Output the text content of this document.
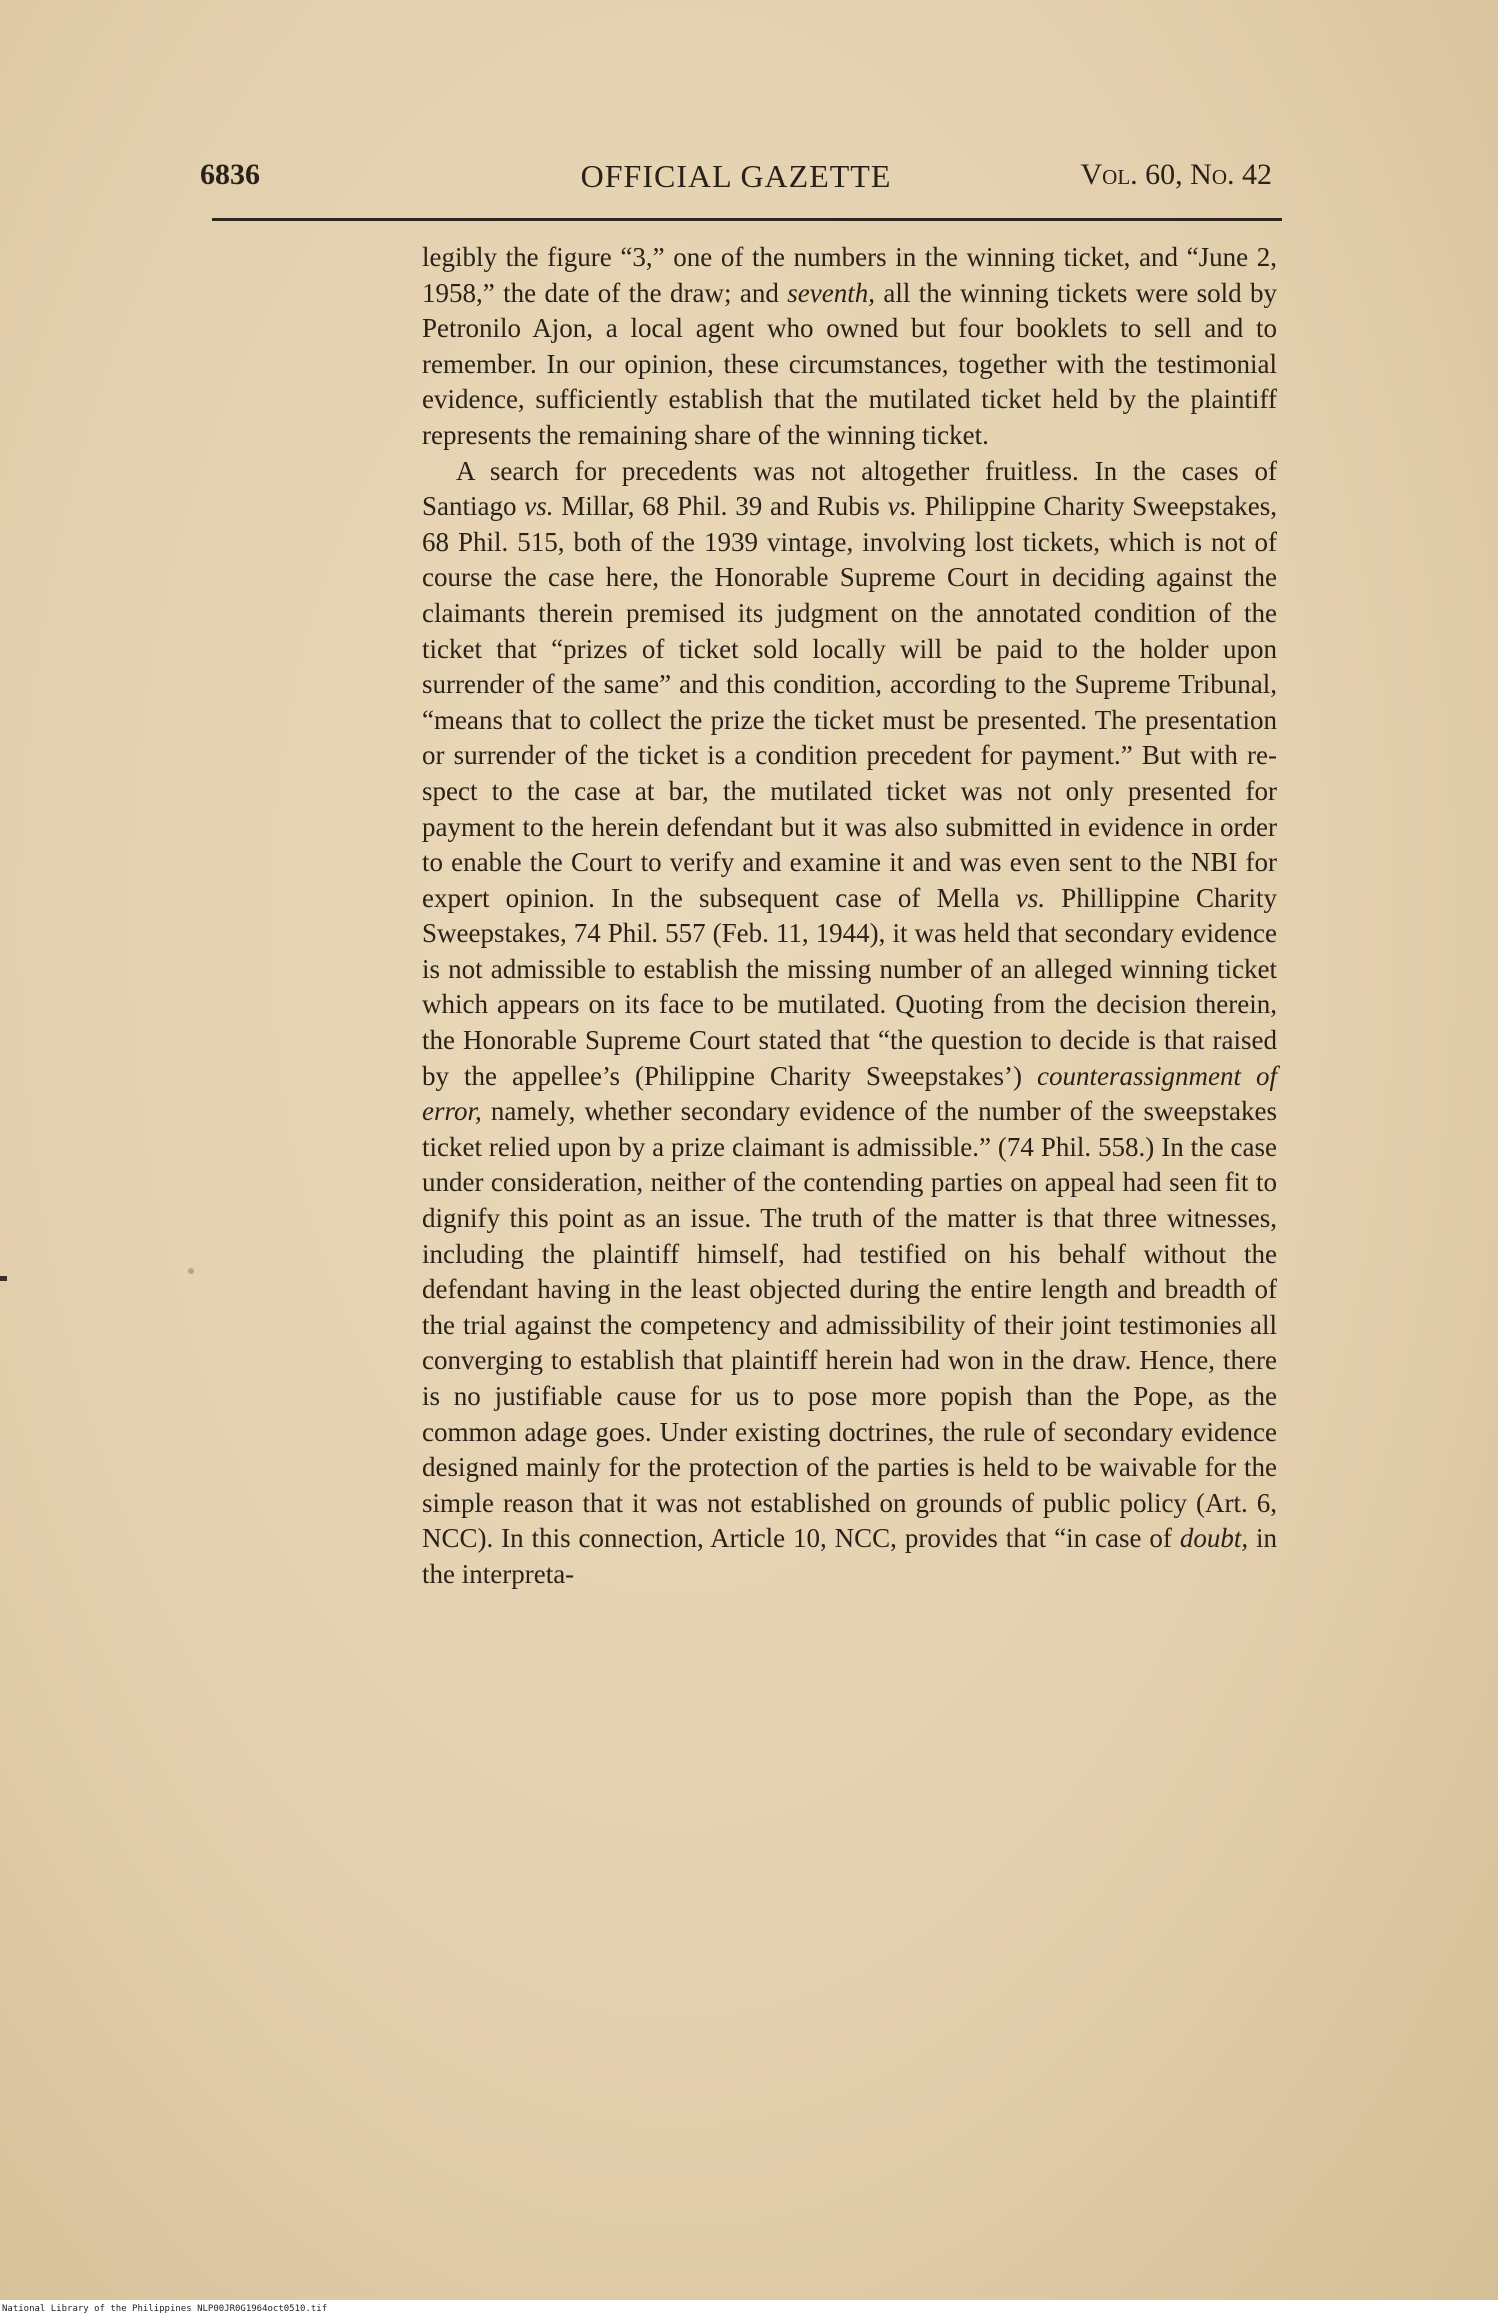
6836	OFFICIAL GAZETTE	Vol. 60, No. 42

legibly the figure “3,” one of the numbers in the winning ticket, and “June 2, 1958,” the date of the draw; and seventh, all the winning tickets were sold by Petronilo Ajon, a local agent who owned but four booklets to sell and to remember. In our opinion, these circumstances, together with the testimonial evidence, sufficiently establish that the mutilated ticket held by the plaintiff represents the remaining share of the winning ticket.

A search for precedents was not altogether fruitless. In the cases of Santiago vs. Millar, 68 Phil. 39 and Rubis vs. Philippine Charity Sweepstakes, 68 Phil. 515, both of the 1939 vintage, involving lost tickets, which is not of course the case here, the Honorable Supreme Court in deciding against the claimants therein premised its judgment on the annotated condition of the ticket that “prizes of ticket sold locally will be paid to the holder upon surrender of the same” and this condition, according to the Supreme Tribunal, “means that to collect the prize the ticket must be presented. The presentation or surrender of the ticket is a condition precedent for payment.” But with respect to the case at bar, the mutilated ticket was not only presented for payment to the herein defendant but it was also submitted in evidence in order to enable the Court to verify and examine it and was even sent to the NBI for expert opinion. In the subsequent case of Mella vs. Phillippine Charity Sweepstakes, 74 Phil. 557 (Feb. 11, 1944), it was held that secondary evidence is not admissible to establish the missing number of an alleged winning ticket which appears on its face to be mutilated. Quoting from the decision therein, the Honorable Supreme Court stated that “the question to decide is that raised by the appellee’s (Philippine Charity Sweepstakes’) counterassignment of error, namely, whether secondary evidence of the number of the sweepstakes ticket relied upon by a prize claimant is admissible.” (74 Phil. 558.) In the case under consideration, neither of the contending parties on appeal had seen fit to dignify this point as an issue. The truth of the matter is that three witnesses, including the plaintiff himself, had testified on his behalf without the defendant having in the least objected during the entire length and breadth of the trial against the competency and admissibility of their joint testimonies all converging to establish that plaintiff herein had won in the draw. Hence, there is no justifiable cause for us to pose more popish than the Pope, as the common adage goes. Under existing doctrines, the rule of secondary evidence designed mainly for the protection of the parties is held to be waivable for the simple reason that it was not established on grounds of public policy (Art. 6, NCC). In this connection, Article 10, NCC, provides that “in case of doubt, in the interpreta-

National Library of the Philippines NLP00JR0G1964oct0510.tif
